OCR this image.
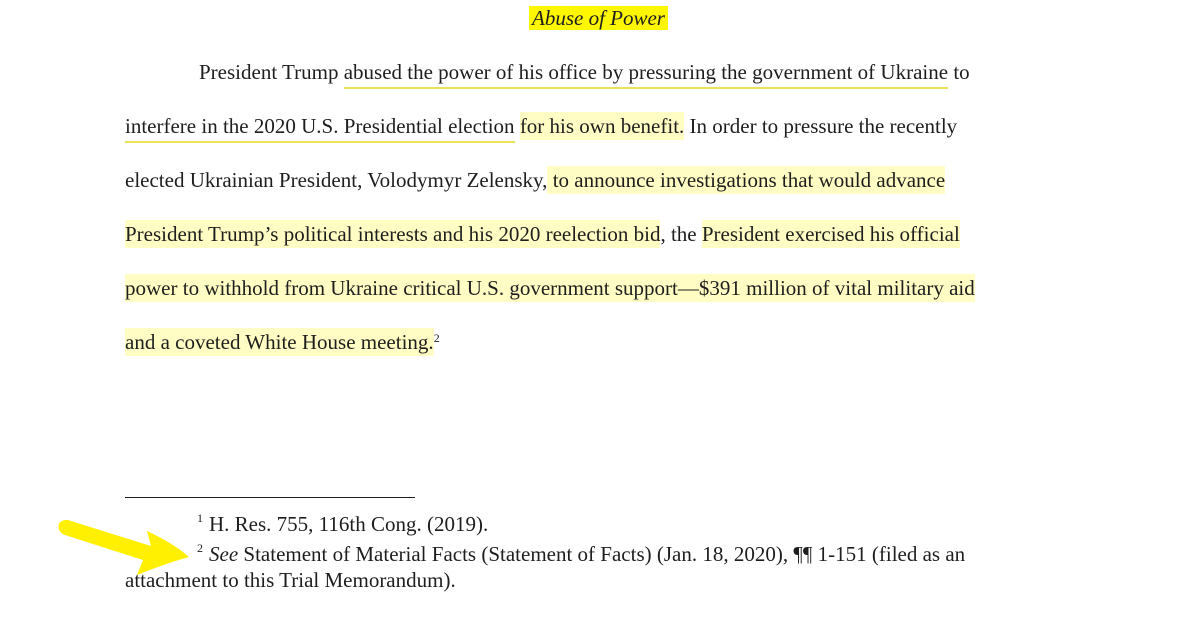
Abuse of Power
President Trump abused the power of his office by pressuring the government of Ukraine to
interfere in the 2020 U.S. Presidential election for his own benefit. In order to pressure the recently
elected Ukrainian President, Volodymyr Zelensky, to announce investigations that would advance
President Trump’s political interests and his 2020 reelection bid, the President exercised his official
power to withhold from Ukraine critical U.S. government support—$391 million of vital military aid
and a coveted White House meeting.$^2$
$^1$ H. Res. 755, 116th Cong. (2019).
$^2$ See Statement of Material Facts (Statement of Facts) (Jan. 18, 2020), ¶¶ 1-151 (filed as an
attachment to this Trial Memorandum).
